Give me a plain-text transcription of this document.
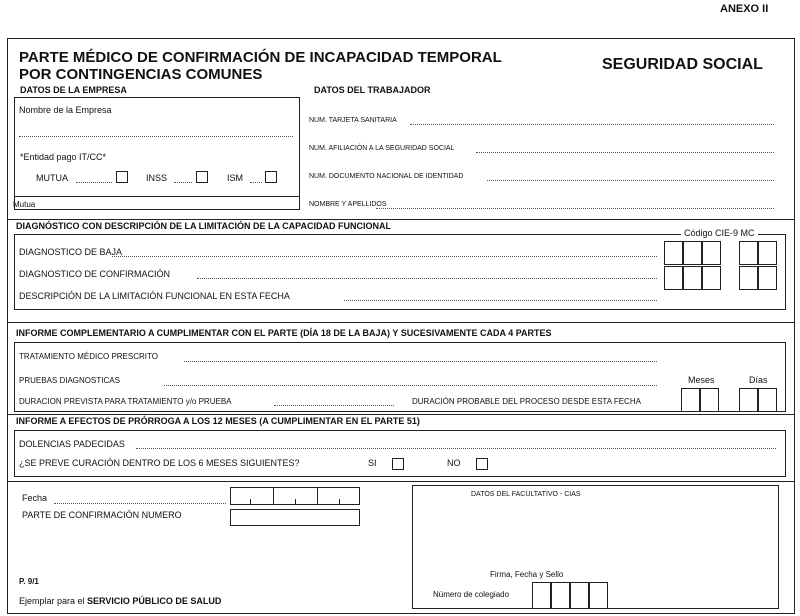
ANEXO II
PARTE MÉDICO DE CONFIRMACIÓN DE INCAPACIDAD TEMPORAL
POR CONTINGENCIAS COMUNES
SEGURIDAD SOCIAL
DATOS DE LA EMPRESA
Nombre de la Empresa
*Entidad pago IT/CC*
MUTUA	INSS	ISM
Mutua
DATOS DEL TRABAJADOR
NUM. TARJETA SANITARIA
NUM. AFILIACIÓN A LA SEGURIDAD SOCIAL
NUM. DOCUMENTO NACIONAL DE IDENTIDAD
NOMBRE Y APELLIDOS
DIAGNÓSTICO CON DESCRIPCIÓN DE LA LIMITACIÓN DE LA CAPACIDAD FUNCIONAL
Código CIE-9 MC
DIAGNOSTICO DE BAJA
DIAGNOSTICO DE CONFIRMACIÓN
DESCRIPCIÓN DE LA LIMITACIÓN FUNCIONAL EN ESTA FECHA
INFORME COMPLEMENTARIO A CUMPLIMENTAR CON EL PARTE (DÍA 18 DE LA BAJA) Y SUCESIVAMENTE CADA 4 PARTES
TRATAMIENTO MÉDICO PRESCRITO
PRUEBAS DIAGNOSTICAS	Meses	Días
DURACION PREVISTA PARA TRATAMIENTO y/o PRUEBA	DURACIÓN PROBABLE DEL PROCESO DESDE ESTA FECHA
INFORME A EFECTOS DE PRÓRROGA A LOS 12 MESES (A CUMPLIMENTAR EN EL PARTE 51)
DOLENCIAS PADECIDAS
¿SE PREVE CURACIÓN DENTRO DE LOS 6 MESES SIGUIENTES?	SI	NO
Fecha
PARTE DE CONFIRMACIÓN NUMERO
P. 9/1
Ejemplar para el SERVICIO PÚBLICO DE SALUD
DATOS DEL FACULTATIVO - CIAS
Firma, Fecha y Sello
Número de colegiado
